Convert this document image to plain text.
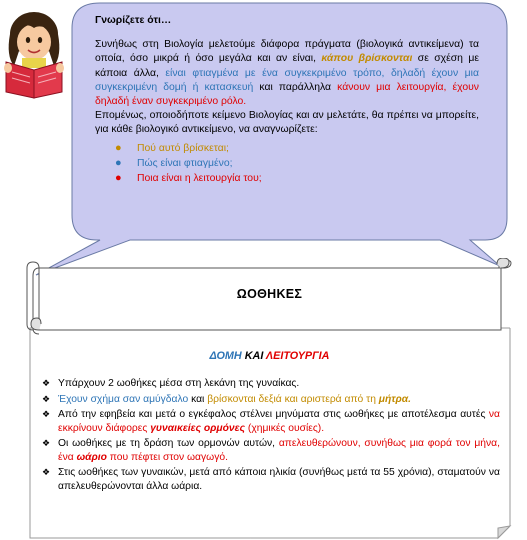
Γνωρίζετε ότι…

Συνήθως στη Βιολογία μελετούμε διάφορα πράγματα (βιολογικά αντικείμενα) τα οποία, όσο μικρά ή όσο μεγάλα και αν είναι, κάπου βρίσκονται σε σχέση με κάποια άλλα, είναι φτιαγμένα με ένα συγκεκριμένο τρόπο, δηλαδή έχουν μια συγκεκριμένη δομή ή κατασκευή και παράλληλα κάνουν μια λειτουργία, έχουν δηλαδή έναν συγκεκριμένο ρόλο.

Επομένως, οποιοδήποτε κείμενο Βιολογίας και αν μελετάτε, θα πρέπει να μπορείτε, για κάθε βιολογικό αντικείμενο, να αναγνωρίζετε:

● Πού αυτό βρίσκεται;
● Πώς είναι φτιαγμένο;
● Ποια είναι η λειτουργία του;
ΩΟΘΗΚΕΣ
ΔΟΜΗ ΚΑΙ ΛΕΙΤΟΥΡΓΙΑ
❖ Υπάρχουν 2 ωοθήκες μέσα στη λεκάνη της γυναίκας.
❖ Έχουν σχήμα σαν αμύγδαλο και βρίσκονται δεξιά και αριστερά από τη μήτρα.
❖ Από την εφηβεία και μετά ο εγκέφαλος στέλνει μηνύματα στις ωοθήκες με αποτέλεσμα αυτές να εκκρίνουν διάφορες γυναικείες ορμόνες (χημικές ουσίες).
❖ Οι ωοθήκες με τη δράση των ορμονών αυτών, απελευθερώνουν, συνήθως μια φορά τον μήνα, ένα ωάριο που πέφτει στον ωαγωγό.
❖ Στις ωοθήκες των γυναικών, μετά από κάποια ηλικία (συνήθως μετά τα 55 χρόνια), σταματούν να απελευθερώνονται άλλα ωάρια.
